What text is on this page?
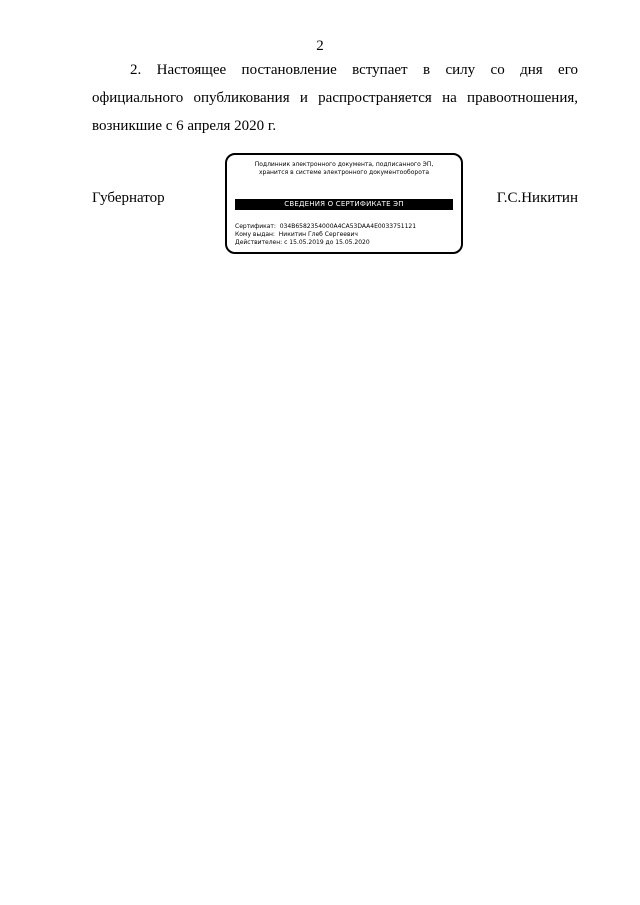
2
2. Настоящее постановление вступает в силу со дня его
официального опубликования и распространяется на правоотношения,
возникшие с 6 апреля 2020 г.
Губернатор
Подлинник электронного документа, подписанного ЭП,
хранится в системе электронного документооборота
СВЕДЕНИЯ О СЕРТИФИКАТЕ ЭП
Сертификат: 034B6582354000A4CA53DAA4E0033751121
Кому выдан: Никитин Глеб Сергеевич
Действителен: с 15.05.2019 до 15.05.2020
Г.С.Никитин
